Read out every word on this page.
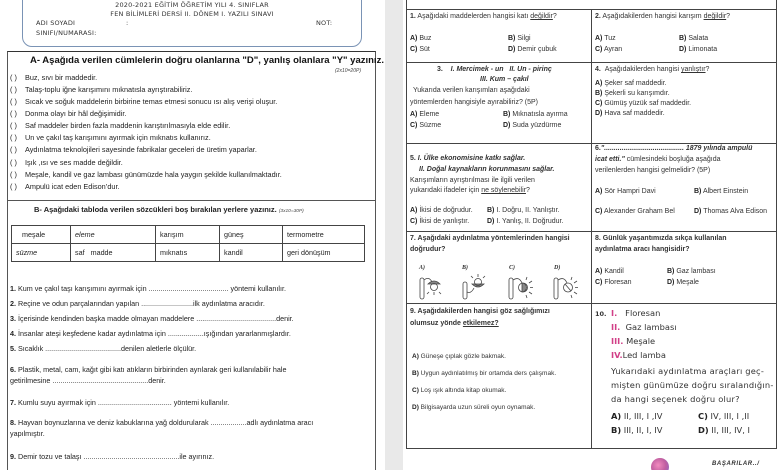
2020-2021 EĞİTİM ÖĞRETİM YILI 4. SINIFLAR
FEN BİLİMLERİ DERSİ II. DÖNEM I. YAZILI SINAVI
ADI SOYADI	:	NOT:
SINIFI/NUMARASI:
A- Aşağıda verilen cümlelerin doğru olanlarına "D", yanlış olanlara "Y" yazınız.
(2x10=20P)
( ) Buz, sıvı bir maddedir.
( ) Talaş-toplu iğne karışımını mıknatısla ayrıştırabiliriz.
( ) Sıcak ve soğuk maddelerin birbirine temas etmesi sonucu ısı alış verişi oluşur.
( ) Donma olayı bir hâl değişimidir.
( ) Saf maddeler birden fazla maddenin karıştırılmasıyla elde edilir.
( ) Un ve çakıl taş karışımını ayırmak için mıknatıs kullanırız.
( ) Aydınlatma teknolojileri sayesinde fabrikalar geceleri de üretim yaparlar.
( ) Işık ,ısı ve ses madde değildir.
( ) Meşale, kandil ve gaz lambası günümüzde hala yaygın şekilde kullanılmaktadır.
( ) Ampulü icat eden Edison’dur.
B- Aşağıdaki tabloda verilen sözcükleri boş bırakılan yerlere yazınız. (3x10=30P)
meşale	eleme	karışım	güneş	termometre
süzme	saf   madde	mıknatıs	kandil	geri dönüşüm
1. Kum ve çakıl taşı karışımını ayırmak için ........................................ yöntemi kullanılır.
2. Reçine ve odun parçalarından yapılan ..........................ilk aydınlatma aracıdır.
3. İçerisinde kendinden başka madde olmayan maddelere ........................................denir.
4. İnsanlar ateşi keşfedene kadar aydınlatma için ..................ışığından yararlanmışlardır.
5. Sıcaklık ......................................denilen aletlerle ölçülür.
6. Plastik, metal, cam, kağıt gibi katı atıkların birbirinden ayrılarak geri kullanılabilir hale
getirilmesine ................................................denir.
7. Kumlu suyu ayırmak için ..................................... yöntemi kullanılır.
8. Hayvan boynuzlarına ve deniz kabuklarına yağ doldurularak ..................adlı aydınlatma aracı
yapılmıştır.
9. Demir tozu ve talaşı ................................................ile ayırınız.
1. Aşağıdaki maddelerden hangisi katı değildir?
A) Buz	B) Silgi
C) Süt	D) Demir çubuk
2. Aşağıdakilerden hangisi karışım değildir?
A) Tuz	B) Salata
C) Ayran	D) Limonata
3. I. Mercimek - un II. Un - pirinç
III. Kum – çakıl
Yukarıda verilen karışımları aşağıdaki
yöntemlerden hangisiyle ayırabiliriz? (5P)
A) Eleme	B) Mıknatısla ayırma
C) Süzme	D) Suda yüzdürme
4. Aşağıdakilerden hangisi yanlıştır?
A) Şeker saf maddedir.
B) Şekerli su karışımdır.
C) Gümüş yüzük saf maddedir.
D) Hava saf maddedir.
5. I. Ülke ekonomisine katkı sağlar.
II. Doğal kaynakların korunmasını sağlar.
Karışımların ayrıştırılması ile ilgili verilen
yukarıdaki ifadeler için ne söylenebilir?
A) İkisi de doğrudur. B) I. Doğru, II. Yanlıştır.
C) İkisi de yanlıştır.	D) I. Yanlış, II. Doğrudur.
6."......................................... 1879 yılında ampulü
icat etti." cümlesindeki boşluğa aşağıda
verilenlerden hangisi gelmelidir? (5P)
A) Sör Hampri Davi	B) Albert Einstein
C) Alexander Graham Bel	D) Thomas Alva Edison
7. Aşağıdaki aydınlatma yöntemlerinden hangisi
doğrudur?
A)	B)	C)	D)
8. Günlük yaşantımızda sıkça kullanılan
aydınlatma aracı hangisidir?
A) Kandil	B) Gaz lambası
C) Floresan	D) Meşale
9. Aşağıdakilerden hangisi göz sağlığımızı
olumsuz yönde etkilemez?
A) Güneşe çıplak gözle bakmak.
B) Uygun aydınlatılmış bir ortamda ders çalışmak.
C) Loş ışık altında kitap okumak.
D) Bilgisayarda uzun süreli oyun oynamak.
10. I. Floresan
II. Gaz lambası
III. Meşale
IV.Led lamba
Yukarıdaki aydınlatma araçları geç-
mişten günümüze doğru sıralandığın-
da hangi seçenek doğru olur?
A) II, III, I ,IV	C) IV, III, I ,II
B) III, II, I, IV	D) II, III, IV, I
BAŞARILAR../
